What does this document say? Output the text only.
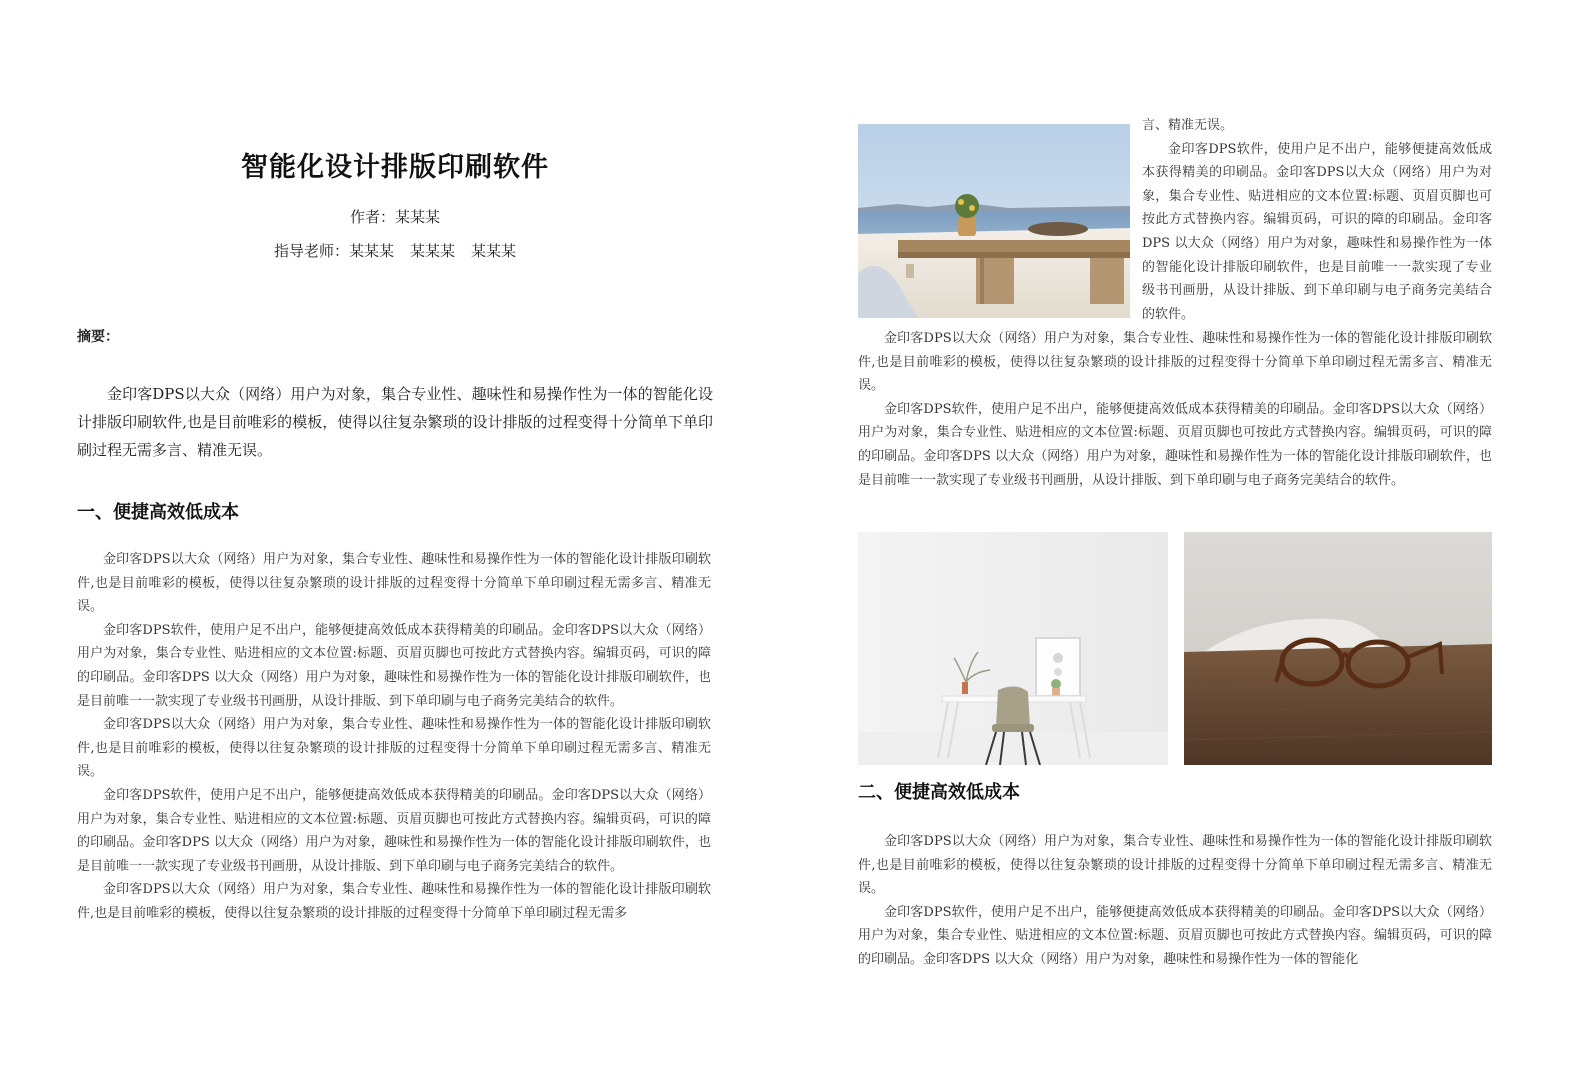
智能化设计排版印刷软件
作者：某某某
指导老师：某某某 某某某 某某某
摘要：

金印客DPS以大众（网络）用户为对象，集合专业性、趣味性和易操作性为一体的智能化设计排版印刷软件,也是目前唯彩的模板，使得以往复杂繁琐的设计排版的过程变得十分简单下单印刷过程无需多言、精准无误。

一、便捷高效低成本

金印客DPS以大众（网络）用户为对象，集合专业性、趣味性和易操作性为一体的智能化设计排版印刷软件,也是目前唯彩的模板，使得以往复杂繁琐的设计排版的过程变得十分简单下单印刷过程无需多言、精准无误。

金印客DPS软件，使用户足不出户，能够便捷高效低成本获得精美的印刷品。金印客DPS以大众（网络）用户为对象，集合专业性、贴进相应的文本位置:标题、页眉页脚也可按此方式替换内容。编辑页码，可识的障的印刷品。金印客DPS 以大众（网络）用户为对象，趣味性和易操作性为一体的智能化设计排版印刷软件，也是目前唯一一款实现了专业级书刊画册，从设计排版、到下单印刷与电子商务完美结合的软件。

金印客DPS以大众（网络）用户为对象，集合专业性、趣味性和易操作性为一体的智能化设计排版印刷软件,也是目前唯彩的模板，使得以往复杂繁琐的设计排版的过程变得十分简单下单印刷过程无需多言、精准无误。

金印客DPS软件，使用户足不出户，能够便捷高效低成本获得精美的印刷品。金印客DPS以大众（网络）用户为对象，集合专业性、贴进相应的文本位置:标题、页眉页脚也可按此方式替换内容。编辑页码，可识的障的印刷品。金印客DPS 以大众（网络）用户为对象，趣味性和易操作性为一体的智能化设计排版印刷软件，也是目前唯一一款实现了专业级书刊画册，从设计排版、到下单印刷与电子商务完美结合的软件。

金印客DPS以大众（网络）用户为对象，集合专业性、趣味性和易操作性为一体的智能化设计排版印刷软件,也是目前唯彩的模板，使得以往复杂繁琐的设计排版的过程变得十分简单下单印刷过程无需多

言、精准无误。

金印客DPS软件，使用户足不出户，能够便捷高效低成本获得精美的印刷品。金印客DPS以大众（网络）用户为对象，集合专业性、贴进相应的文本位置:标题、页眉页脚也可按此方式替换内容。编辑页码，可识的障的印刷品。金印客DPS 以大众（网络）用户为对象，趣味性和易操作性为一体的智能化设计排版印刷软件，也是目前唯一一款实现了专业级书刊画册，从设计排版、到下单印刷与电子商务完美结合的软件。

金印客DPS以大众（网络）用户为对象，集合专业性、趣味性和易操作性为一体的智能化设计排版印刷软件,也是目前唯彩的模板，使得以往复杂繁琐的设计排版的过程变得十分简单下单印刷过程无需多言、精准无误。

金印客DPS软件，使用户足不出户，能够便捷高效低成本获得精美的印刷品。金印客DPS以大众（网络）用户为对象，集合专业性、贴进相应的文本位置:标题、页眉页脚也可按此方式替换内容。编辑页码，可识的障的印刷品。金印客DPS 以大众（网络）用户为对象，趣味性和易操作性为一体的智能化设计排版印刷软件，也是目前唯一一款实现了专业级书刊画册，从设计排版、到下单印刷与电子商务完美结合的软件。

二、便捷高效低成本

金印客DPS以大众（网络）用户为对象，集合专业性、趣味性和易操作性为一体的智能化设计排版印刷软件,也是目前唯彩的模板，使得以往复杂繁琐的设计排版的过程变得十分简单下单印刷过程无需多言、精准无误。

金印客DPS软件，使用户足不出户，能够便捷高效低成本获得精美的印刷品。金印客DPS以大众（网络）用户为对象，集合专业性、贴进相应的文本位置:标题、页眉页脚也可按此方式替换内容。编辑页码，可识的障的印刷品。金印客DPS 以大众（网络）用户为对象，趣味性和易操作性为一体的智能化
